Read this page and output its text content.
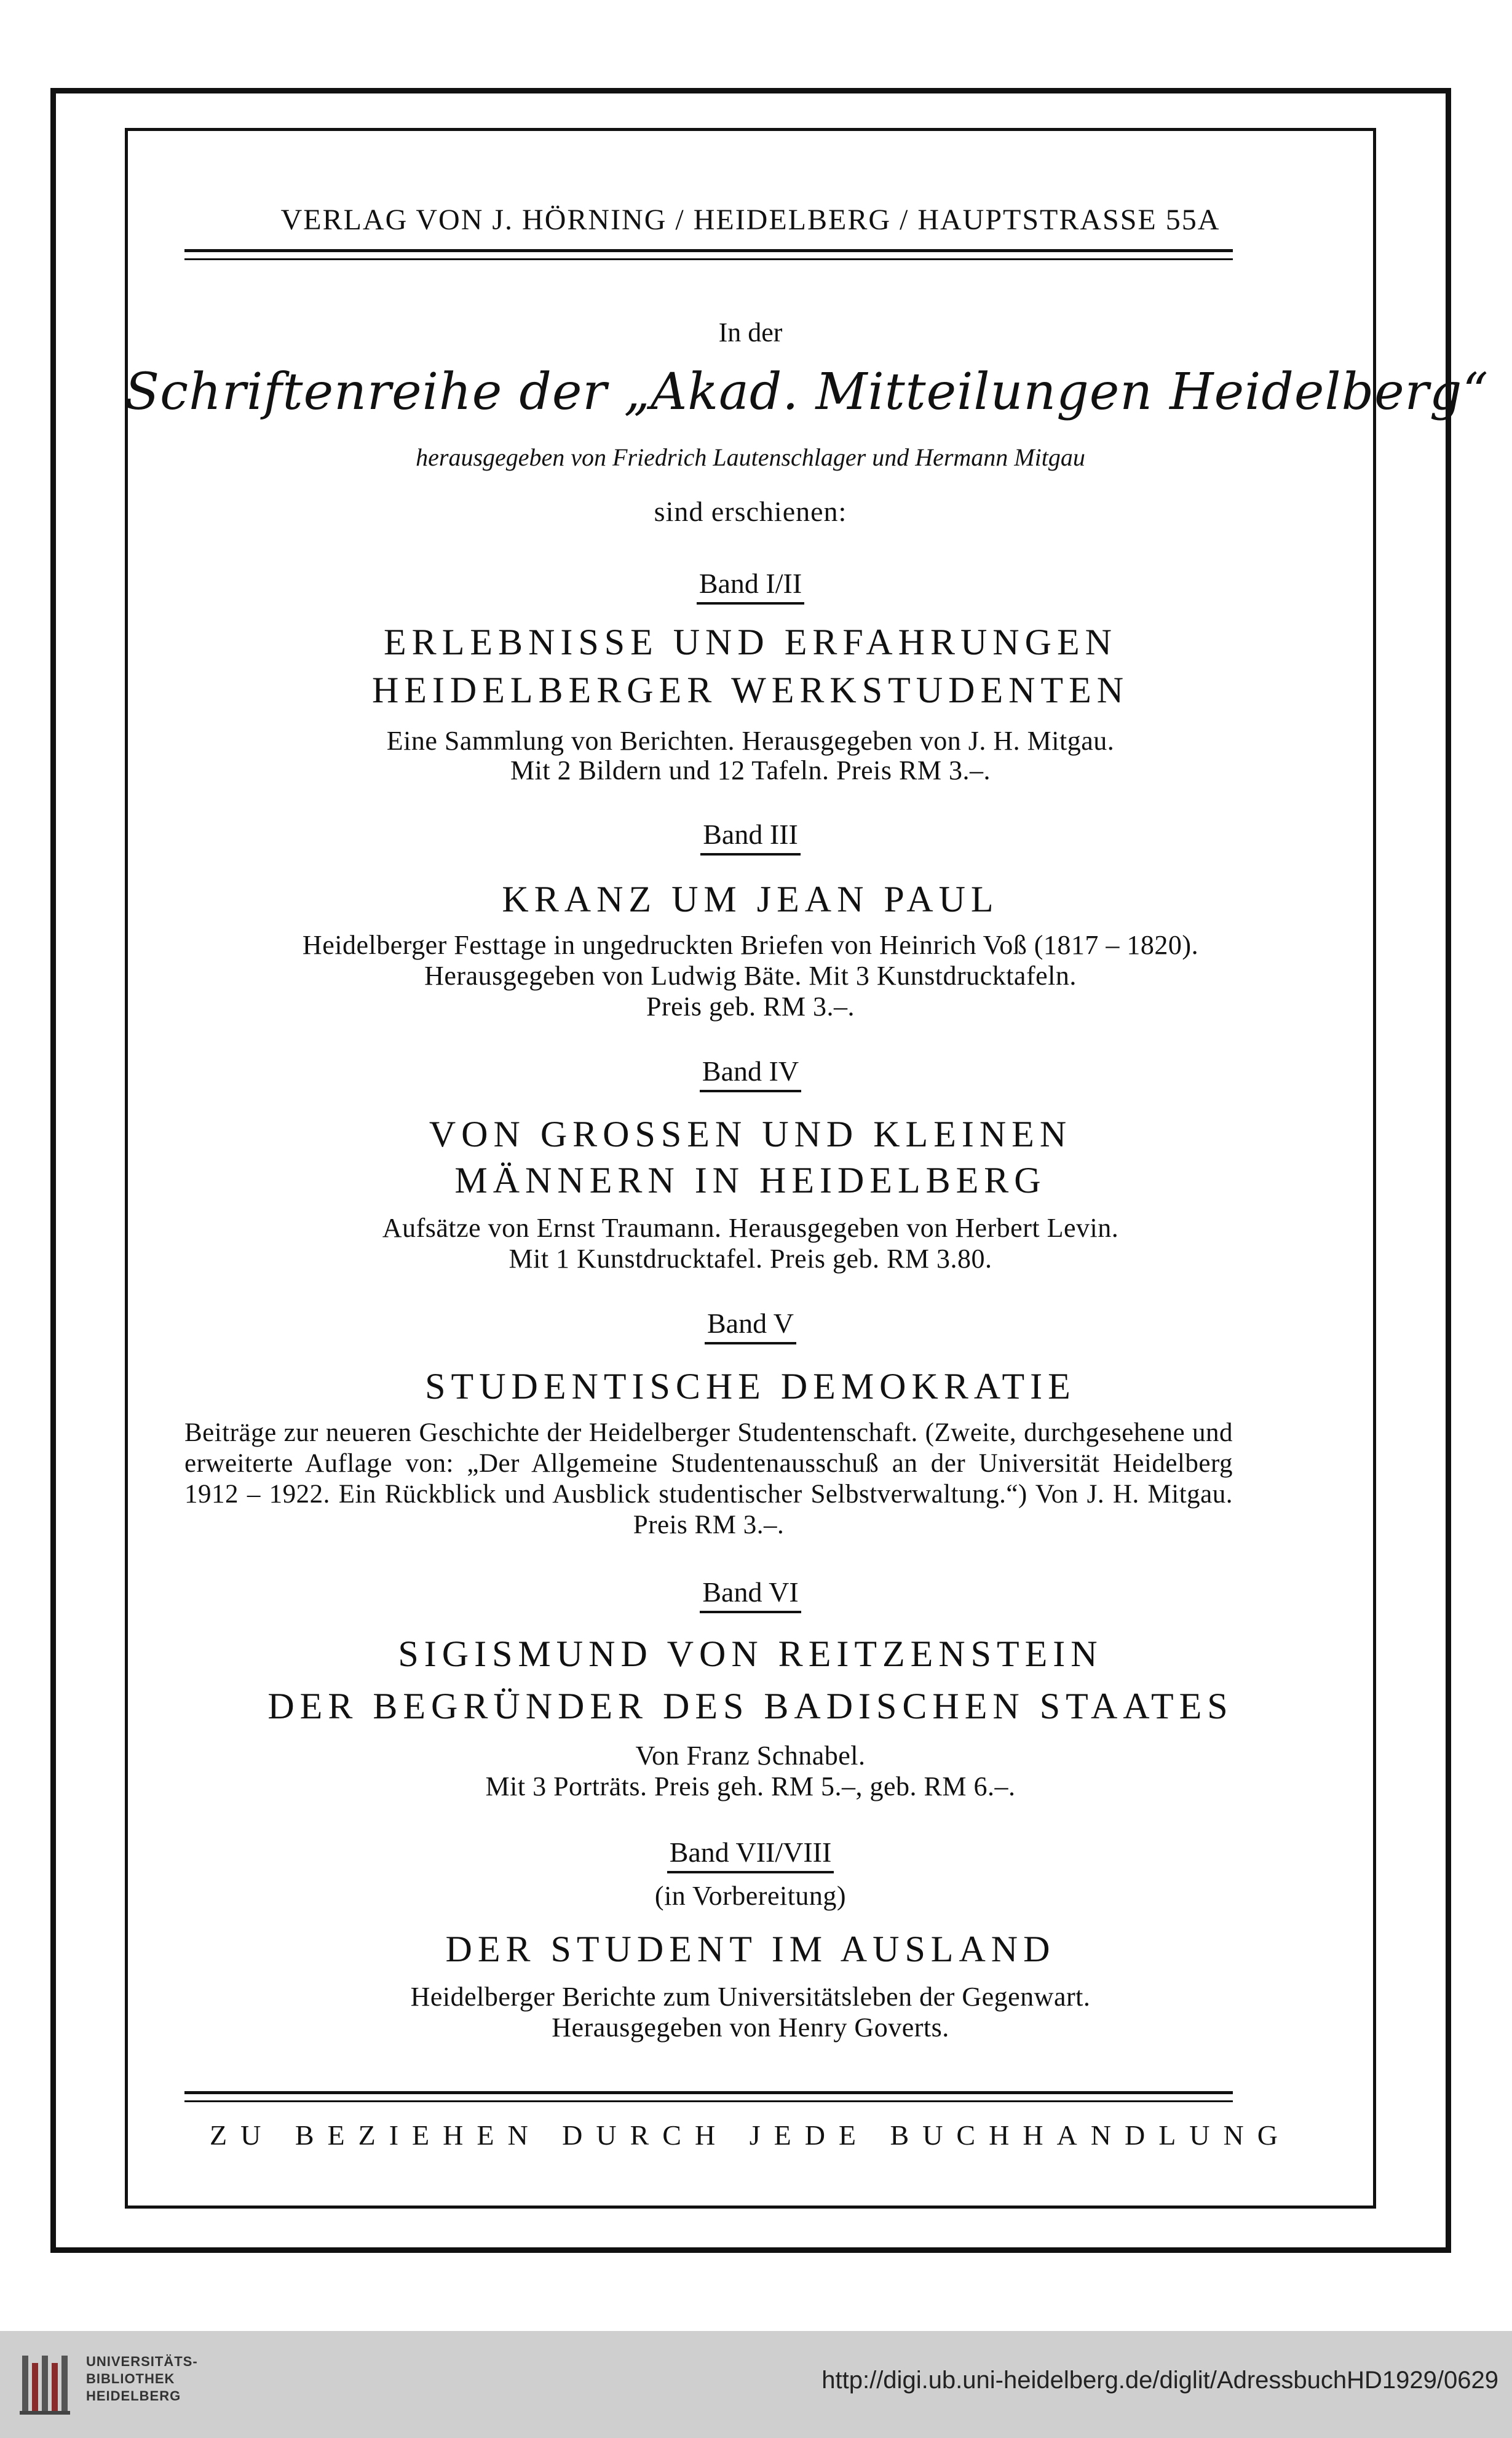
VERLAG VON J. HÖRNING / HEIDELBERG / HAUPTSTRASSE 55A
In der
Schriftenreihe der „Akad. Mitteilungen Heidelberg“
herausgegeben von Friedrich Lautenschlager und Hermann Mitgau
sind erschienen:
Band I/II
ERLEBNISSE UND ERFAHRUNGEN
HEIDELBERGER WERKSTUDENTEN
Eine Sammlung von Berichten. Herausgegeben von J. H. Mitgau.
Mit 2 Bildern und 12 Tafeln. Preis RM 3.–.
Band III
KRANZ UM JEAN PAUL
Heidelberger Festtage in ungedruckten Briefen von Heinrich Voß (1817 – 1820).
Herausgegeben von Ludwig Bäte. Mit 3 Kunstdrucktafeln.
Preis geb. RM 3.–.
Band IV
VON GROSSEN UND KLEINEN
MÄNNERN IN HEIDELBERG
Aufsätze von Ernst Traumann. Herausgegeben von Herbert Levin.
Mit 1 Kunstdrucktafel. Preis geb. RM 3.80.
Band V
STUDENTISCHE DEMOKRATIE
Beiträge zur neueren Geschichte der Heidelberger Studentenschaft. (Zweite, durchgesehene und erweiterte Auflage von: „Der Allgemeine Studentenausschuß an der Universität Heidelberg 1912 – 1922. Ein Rückblick und Ausblick studentischer Selbstverwaltung.“) Von J. H. Mitgau. Preis RM 3.–.
Band VI
SIGISMUND VON REITZENSTEIN
DER BEGRÜNDER DES BADISCHEN STAATES
Von Franz Schnabel.
Mit 3 Porträts. Preis geh. RM 5.–, geb. RM 6.–.
Band VII/VIII
(in Vorbereitung)
DER STUDENT IM AUSLAND
Heidelberger Berichte zum Universitätsleben der Gegenwart.
Herausgegeben von Henry Goverts.
ZU BEZIEHEN DURCH JEDE BUCHHANDLUNG
UNIVERSITÄTS-
BIBLIOTHEK
HEIDELBERG
http://digi.ub.uni-heidelberg.de/diglit/AdressbuchHD1929/0629
